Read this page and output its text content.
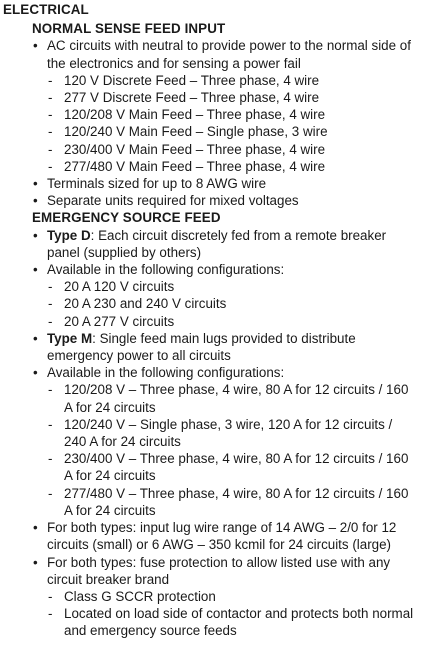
ELECTRICAL
NORMAL SENSE FEED INPUT
• AC circuits with neutral to provide power to the normal side of the electronics and for sensing a power fail
- 120 V Discrete Feed – Three phase, 4 wire
- 277 V Discrete Feed – Three phase, 4 wire
- 120/208 V Main Feed – Three phase, 4 wire
- 120/240 V Main Feed – Single phase, 3 wire
- 230/400 V Main Feed – Three phase, 4 wire
- 277/480 V Main Feed – Three phase, 4 wire
• Terminals sized for up to 8 AWG wire
• Separate units required for mixed voltages
EMERGENCY SOURCE FEED
• Type D: Each circuit discretely fed from a remote breaker panel (supplied by others)
• Available in the following configurations:
- 20 A 120 V circuits
- 20 A 230 and 240 V circuits
- 20 A 277 V circuits
• Type M: Single feed main lugs provided to distribute emergency power to all circuits
• Available in the following configurations:
- 120/208 V – Three phase, 4 wire, 80 A for 12 circuits / 160 A for 24 circuits
- 120/240 V – Single phase, 3 wire, 120 A for 12 circuits / 240 A for 24 circuits
- 230/400 V – Three phase, 4 wire, 80 A for 12 circuits / 160 A for 24 circuits
- 277/480 V – Three phase, 4 wire, 80 A for 12 circuits / 160 A for 24 circuits
• For both types: input lug wire range of 14 AWG – 2/0 for 12 circuits (small) or 6 AWG – 350 kcmil for 24 circuits (large)
• For both types: fuse protection to allow listed use with any circuit breaker brand
- Class G SCCR protection
- Located on load side of contactor and protects both normal and emergency source feeds
